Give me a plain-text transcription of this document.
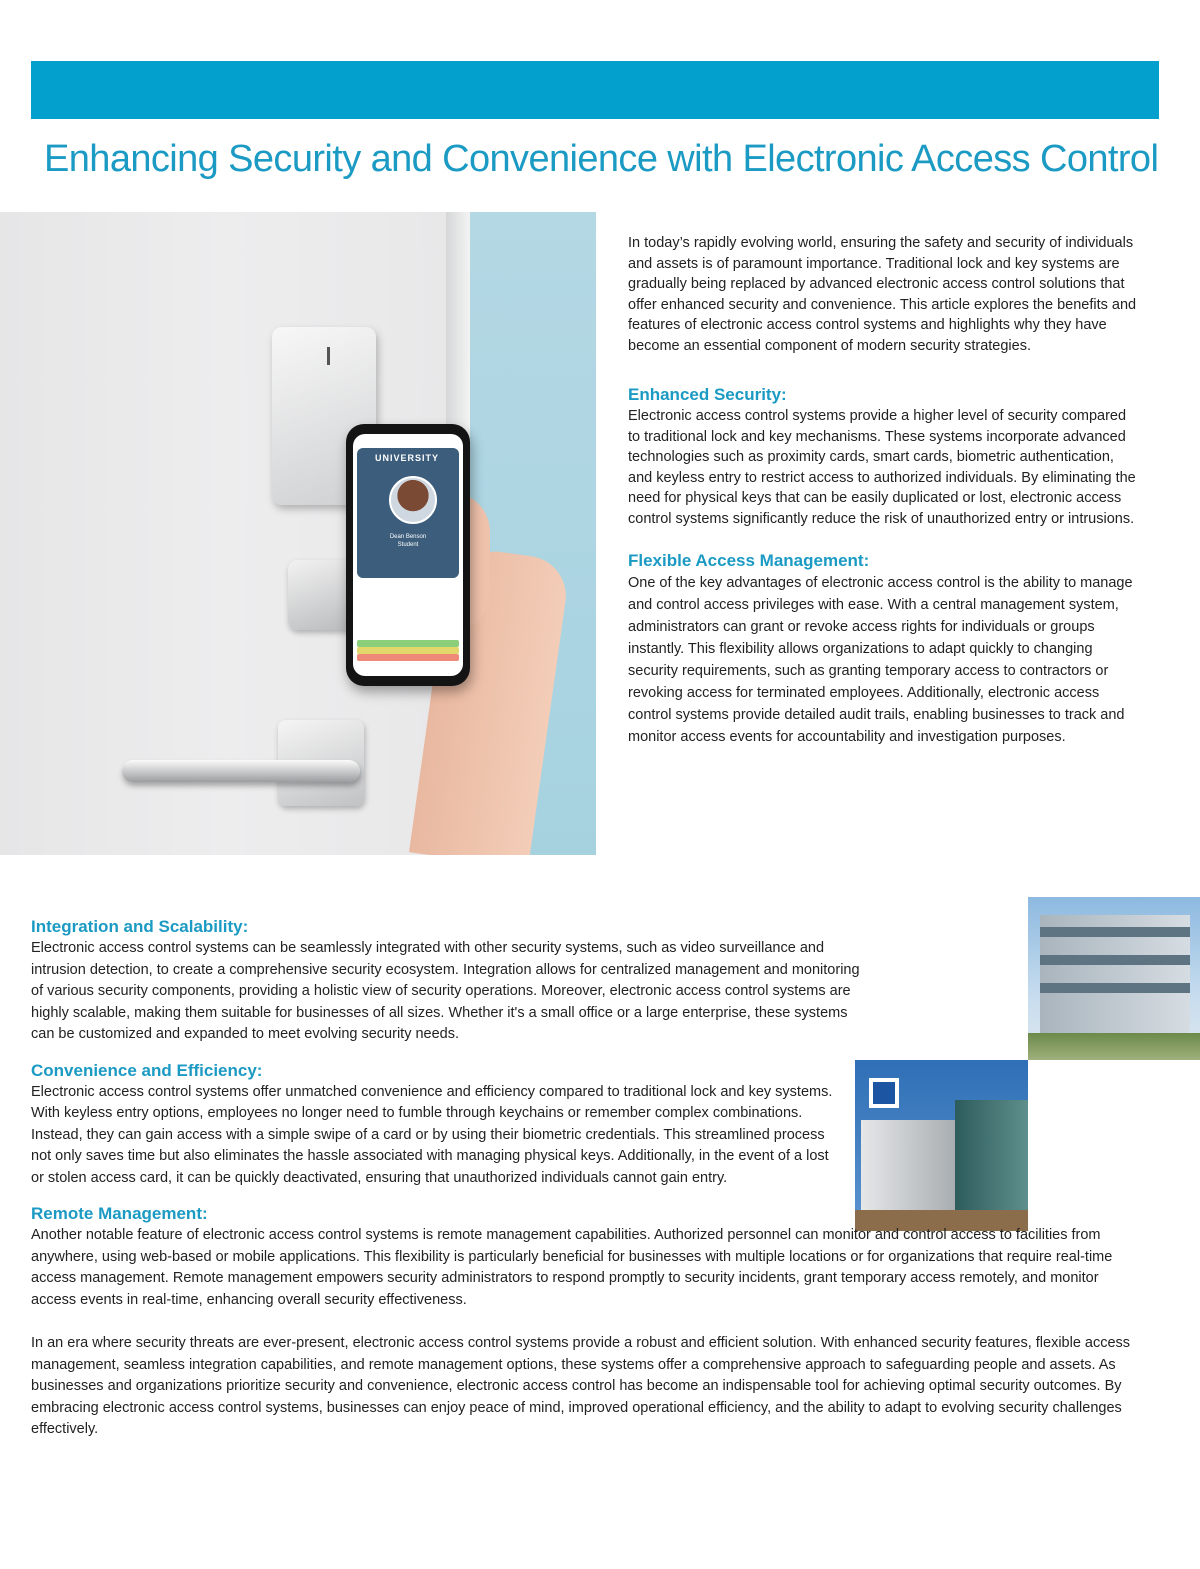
Enhancing Security and Convenience with Electronic Access Control
UNIVERSITY
Dean Benson
Student

In today’s rapidly evolving world, ensuring the safety and security of individuals and assets is of paramount importance. Traditional lock and key systems are gradually being replaced by advanced electronic access control solutions that offer enhanced security and convenience. This article explores the benefits and features of electronic access control systems and highlights why they have become an essential component of modern security strategies.

Enhanced Security:

Electronic access control systems provide a higher level of security compared to traditional lock and key mechanisms. These systems incorporate advanced technologies such as proximity cards, smart cards, biometric authentication, and keyless entry to restrict access to authorized individuals. By eliminating the need for physical keys that can be easily duplicated or lost, electronic access control systems significantly reduce the risk of unauthorized entry or intrusions.

Flexible Access Management:

One of the key advantages of electronic access control is the ability to manage and control access privileges with ease. With a central management system, administrators can grant or revoke access rights for individuals or groups instantly. This flexibility allows organizations to adapt quickly to changing security requirements, such as granting temporary access to contractors or revoking access for terminated employees. Additionally, electronic access control systems provide detailed audit trails, enabling businesses to track and monitor access events for accountability and investigation purposes.

Integration and Scalability:

Electronic access control systems can be seamlessly integrated with other security systems, such as video surveillance and intrusion detection, to create a comprehensive security ecosystem. Integration allows for centralized management and monitoring of various security components, providing a holistic view of security operations. Moreover, electronic access control systems are highly scalable, making them suitable for businesses of all sizes. Whether it's a small office or a large enterprise, these systems can be customized and expanded to meet evolving security needs.

Convenience and Efficiency:

Electronic access control systems offer unmatched convenience and efficiency compared to traditional lock and key systems. With keyless entry options, employees no longer need to fumble through keychains or remember complex combinations. Instead, they can gain access with a simple swipe of a card or by using their biometric credentials. This streamlined process not only saves time but also eliminates the hassle associated with managing physical keys. Additionally, in the event of a lost or stolen access card, it can be quickly deactivated, ensuring that unauthorized individuals cannot gain entry.

Remote Management:

Another notable feature of electronic access control systems is remote management capabilities. Authorized personnel can monitor and control access to facilities from anywhere, using web-based or mobile applications. This flexibility is particularly beneficial for businesses with multiple locations or for organizations that require real-time access management. Remote management empowers security administrators to respond promptly to security incidents, grant temporary access remotely, and monitor access events in real-time, enhancing overall security effectiveness.

In an era where security threats are ever-present, electronic access control systems provide a robust and efficient solution. With enhanced security features, flexible access management, seamless integration capabilities, and remote management options, these systems offer a comprehensive approach to safeguarding people and assets. As businesses and organizations prioritize security and convenience, electronic access control has become an indispensable tool for achieving optimal security outcomes. By embracing electronic access control systems, businesses can enjoy peace of mind, improved operational efficiency, and the ability to adapt to evolving security challenges effectively.
